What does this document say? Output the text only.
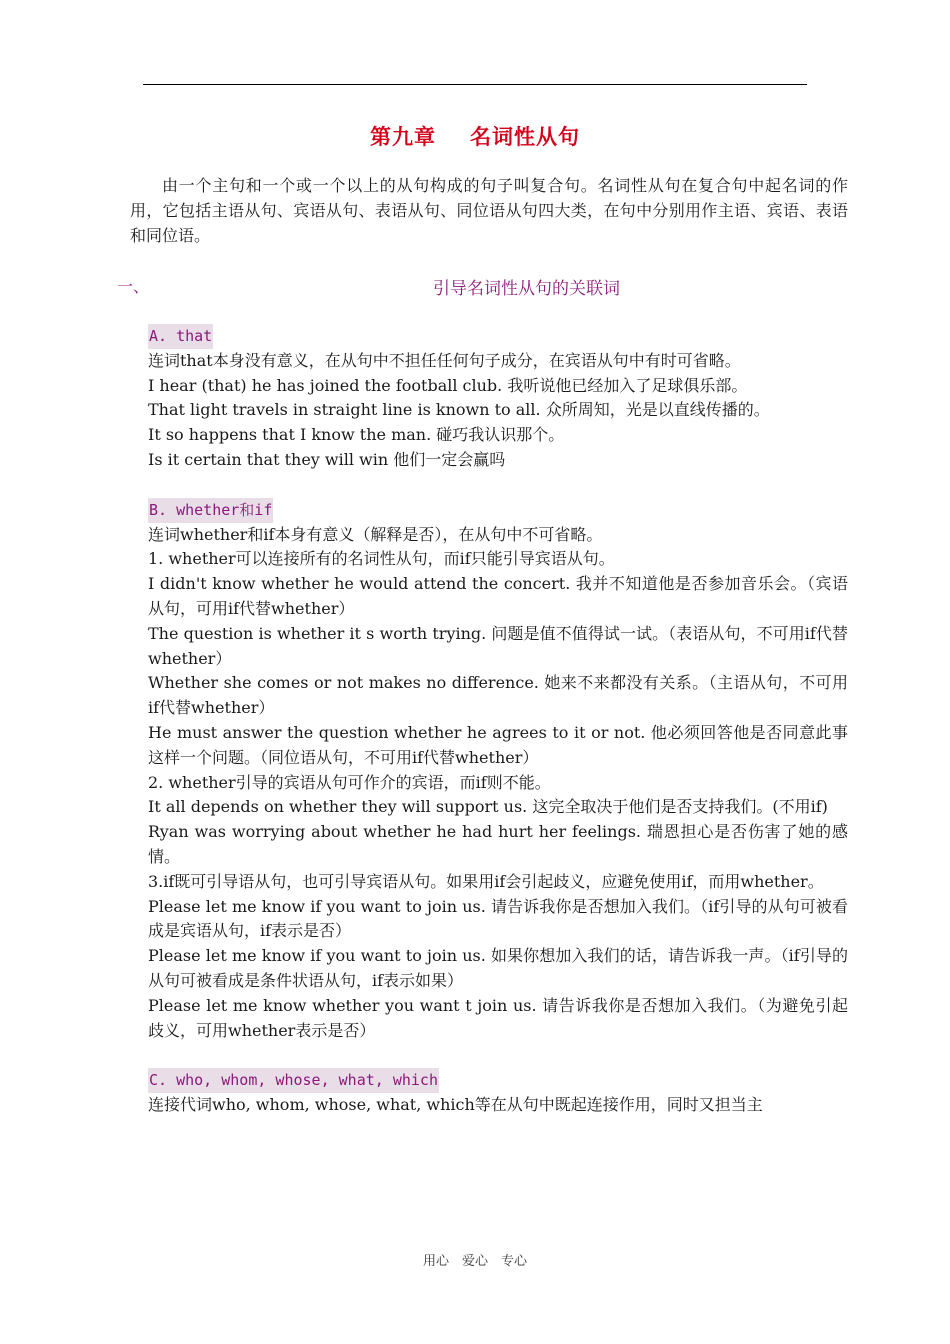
第九章 名词性从句

由一个主句和一个或一个以上的从句构成的句子叫复合句。名词性从句在复合句中起名词的作用，它包括主语从句、宾语从句、表语从句、同位语从句四大类，在句中分别用作主语、宾语、表语和同位语。

一、	引导名词性从句的关联词
A. that

连词that本身没有意义，在从句中不担任任何句子成分，在宾语从句中有时可省略。

I hear (that) he has joined the football club. 我听说他已经加入了足球俱乐部。

That light travels in straight line is known to all. 众所周知，光是以直线传播的。

It so happens that I know the man. 碰巧我认识那个。

Is it certain that they will win 他们一定会赢吗

B. whether和if

连词whether和if本身有意义（解释是否），在从句中不可省略。

1. whether可以连接所有的名词性从句，而if只能引导宾语从句。

I didn't know whether he would attend the concert. 我并不知道他是否参加音乐会。（宾语从句，可用if代替whether）

The question is whether it s worth trying. 问题是值不值得试一试。（表语从句，不可用if代替whether）

Whether she comes or not makes no difference. 她来不来都没有关系。（主语从句，不可用if代替whether）

He must answer the question whether he agrees to it or not. 他必须回答他是否同意此事这样一个问题。（同位语从句，不可用if代替whether）

2. whether引导的宾语从句可作介的宾语，而if则不能。

It all depends on whether they will support us. 这完全取决于他们是否支持我们。(不用if)

Ryan was worrying about whether he had hurt her feelings. 瑞恩担心是否伤害了她的感情。

3.if既可引导语从句，也可引导宾语从句。如果用if会引起歧义，应避免使用if，而用whether。

Please let me know if you want to join us. 请告诉我你是否想加入我们。（if引导的从句可被看成是宾语从句，if表示是否）

Please let me know if you want to join us. 如果你想加入我们的话，请告诉我一声。（if引导的从句可被看成是条件状语从句，if表示如果）

Please let me know whether you want t join us. 请告诉我你是否想加入我们。（为避免引起歧义，可用whether表示是否）

C. who, whom, whose, what, which

连接代词who, whom, whose, what, which等在从句中既起连接作用，同时又担当主

用心　爱心　专心
